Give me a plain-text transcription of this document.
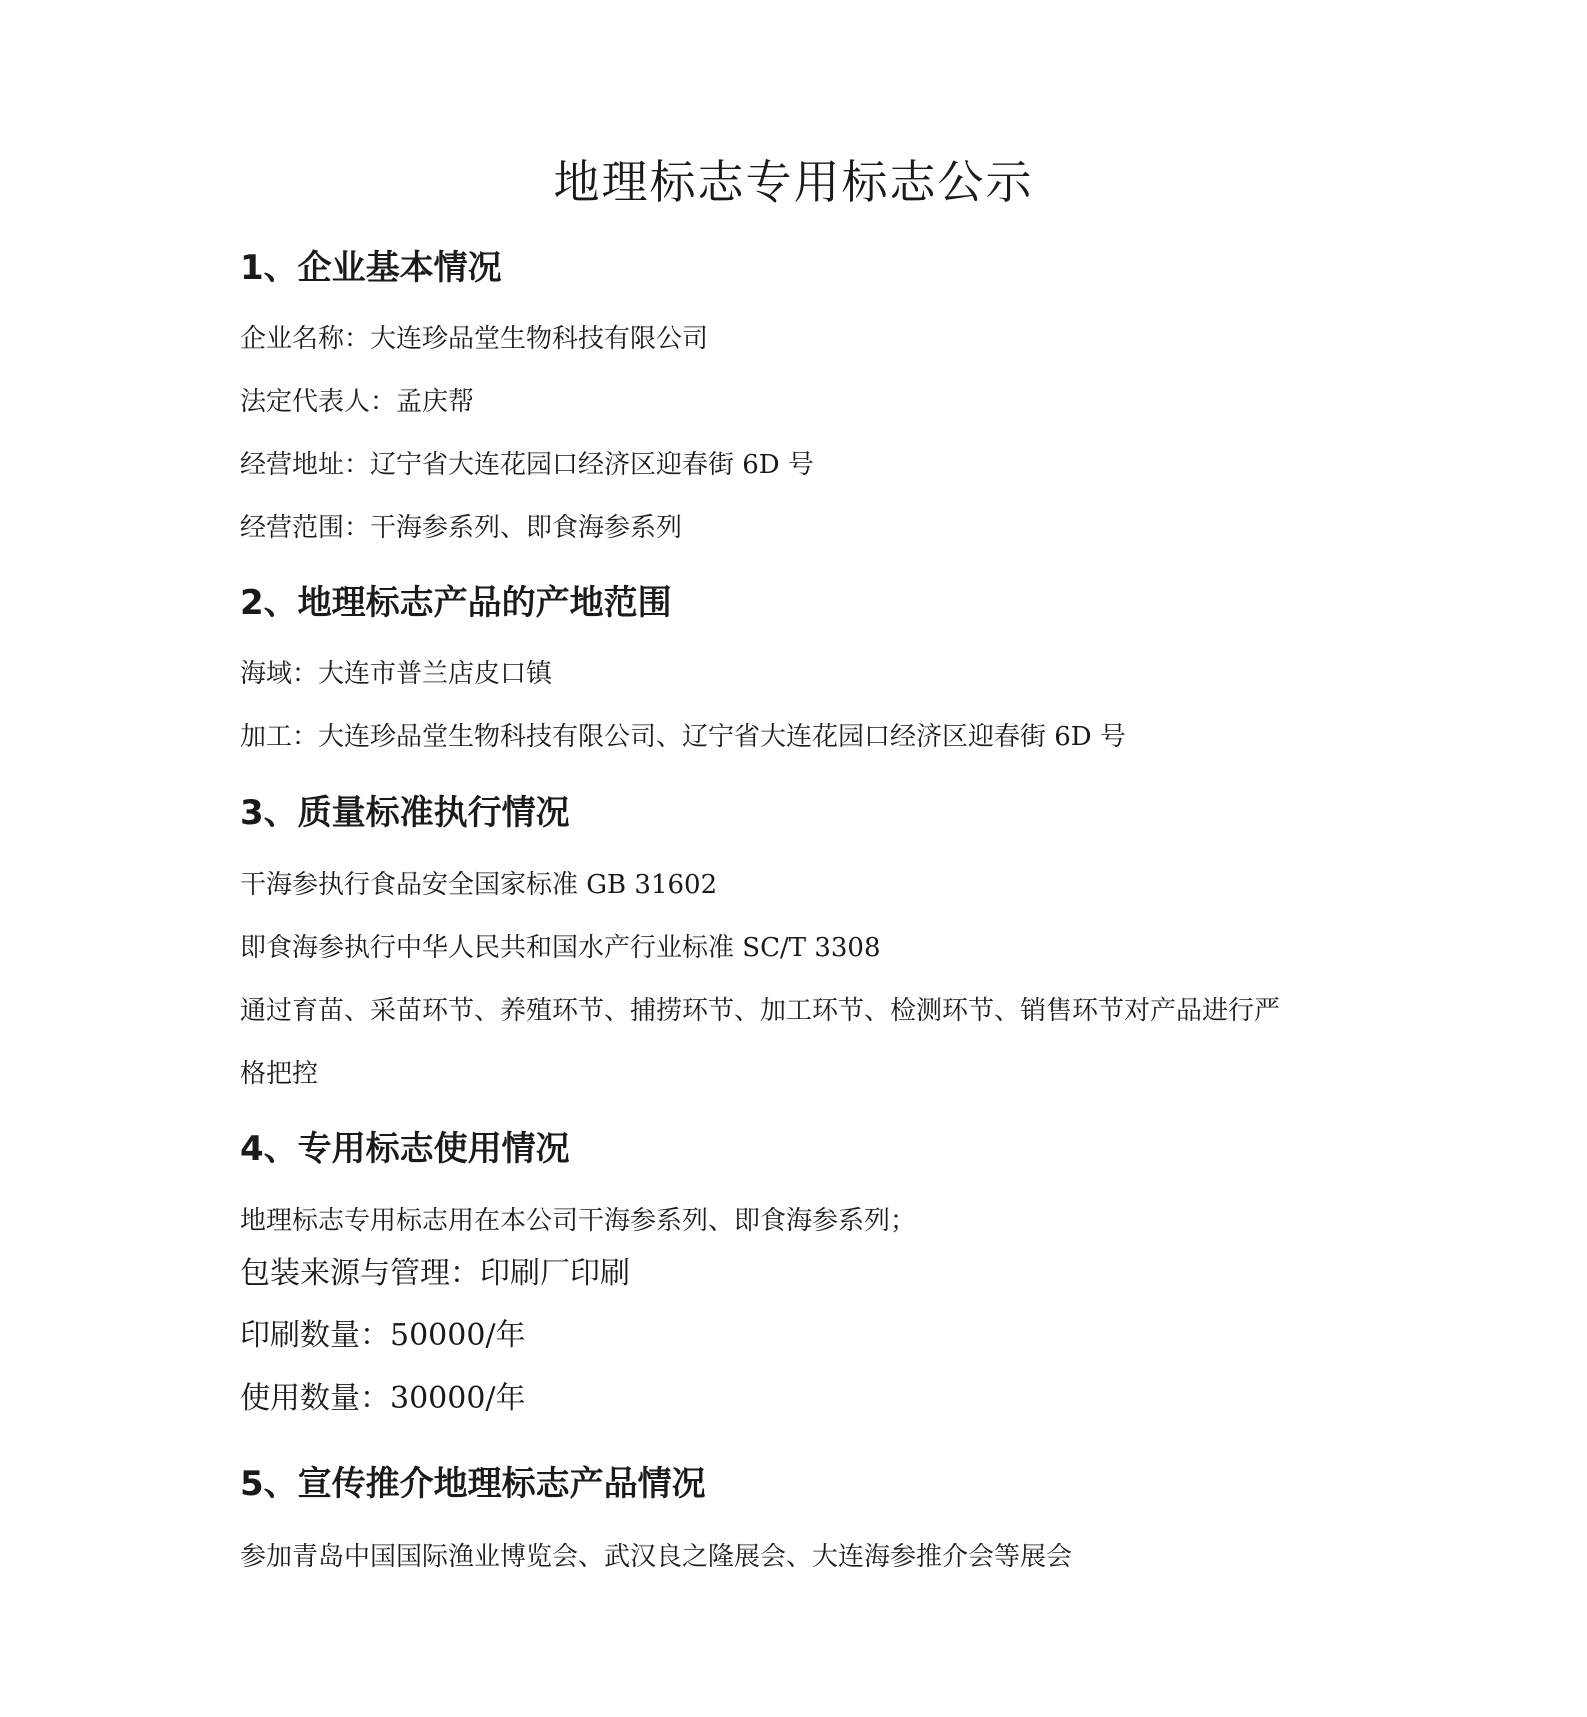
地理标志专用标志公示
1、企业基本情况

企业名称：大连珍品堂生物科技有限公司

法定代表人：孟庆帮

经营地址：辽宁省大连花园口经济区迎春街 6D 号

经营范围：干海参系列、即食海参系列

2、地理标志产品的产地范围

海域：大连市普兰店皮口镇

加工：大连珍品堂生物科技有限公司、辽宁省大连花园口经济区迎春街 6D 号

3、质量标准执行情况

干海参执行食品安全国家标准 GB 31602

即食海参执行中华人民共和国水产行业标准 SC/T 3308

通过育苗、采苗环节、养殖环节、捕捞环节、加工环节、检测环节、销售环节对产品进行严

格把控

4、专用标志使用情况

地理标志专用标志用在本公司干海参系列、即食海参系列；

包装来源与管理：印刷厂印刷

印刷数量：50000/年

使用数量：30000/年

5、宣传推介地理标志产品情况

参加青岛中国国际渔业博览会、武汉良之隆展会、大连海参推介会等展会
